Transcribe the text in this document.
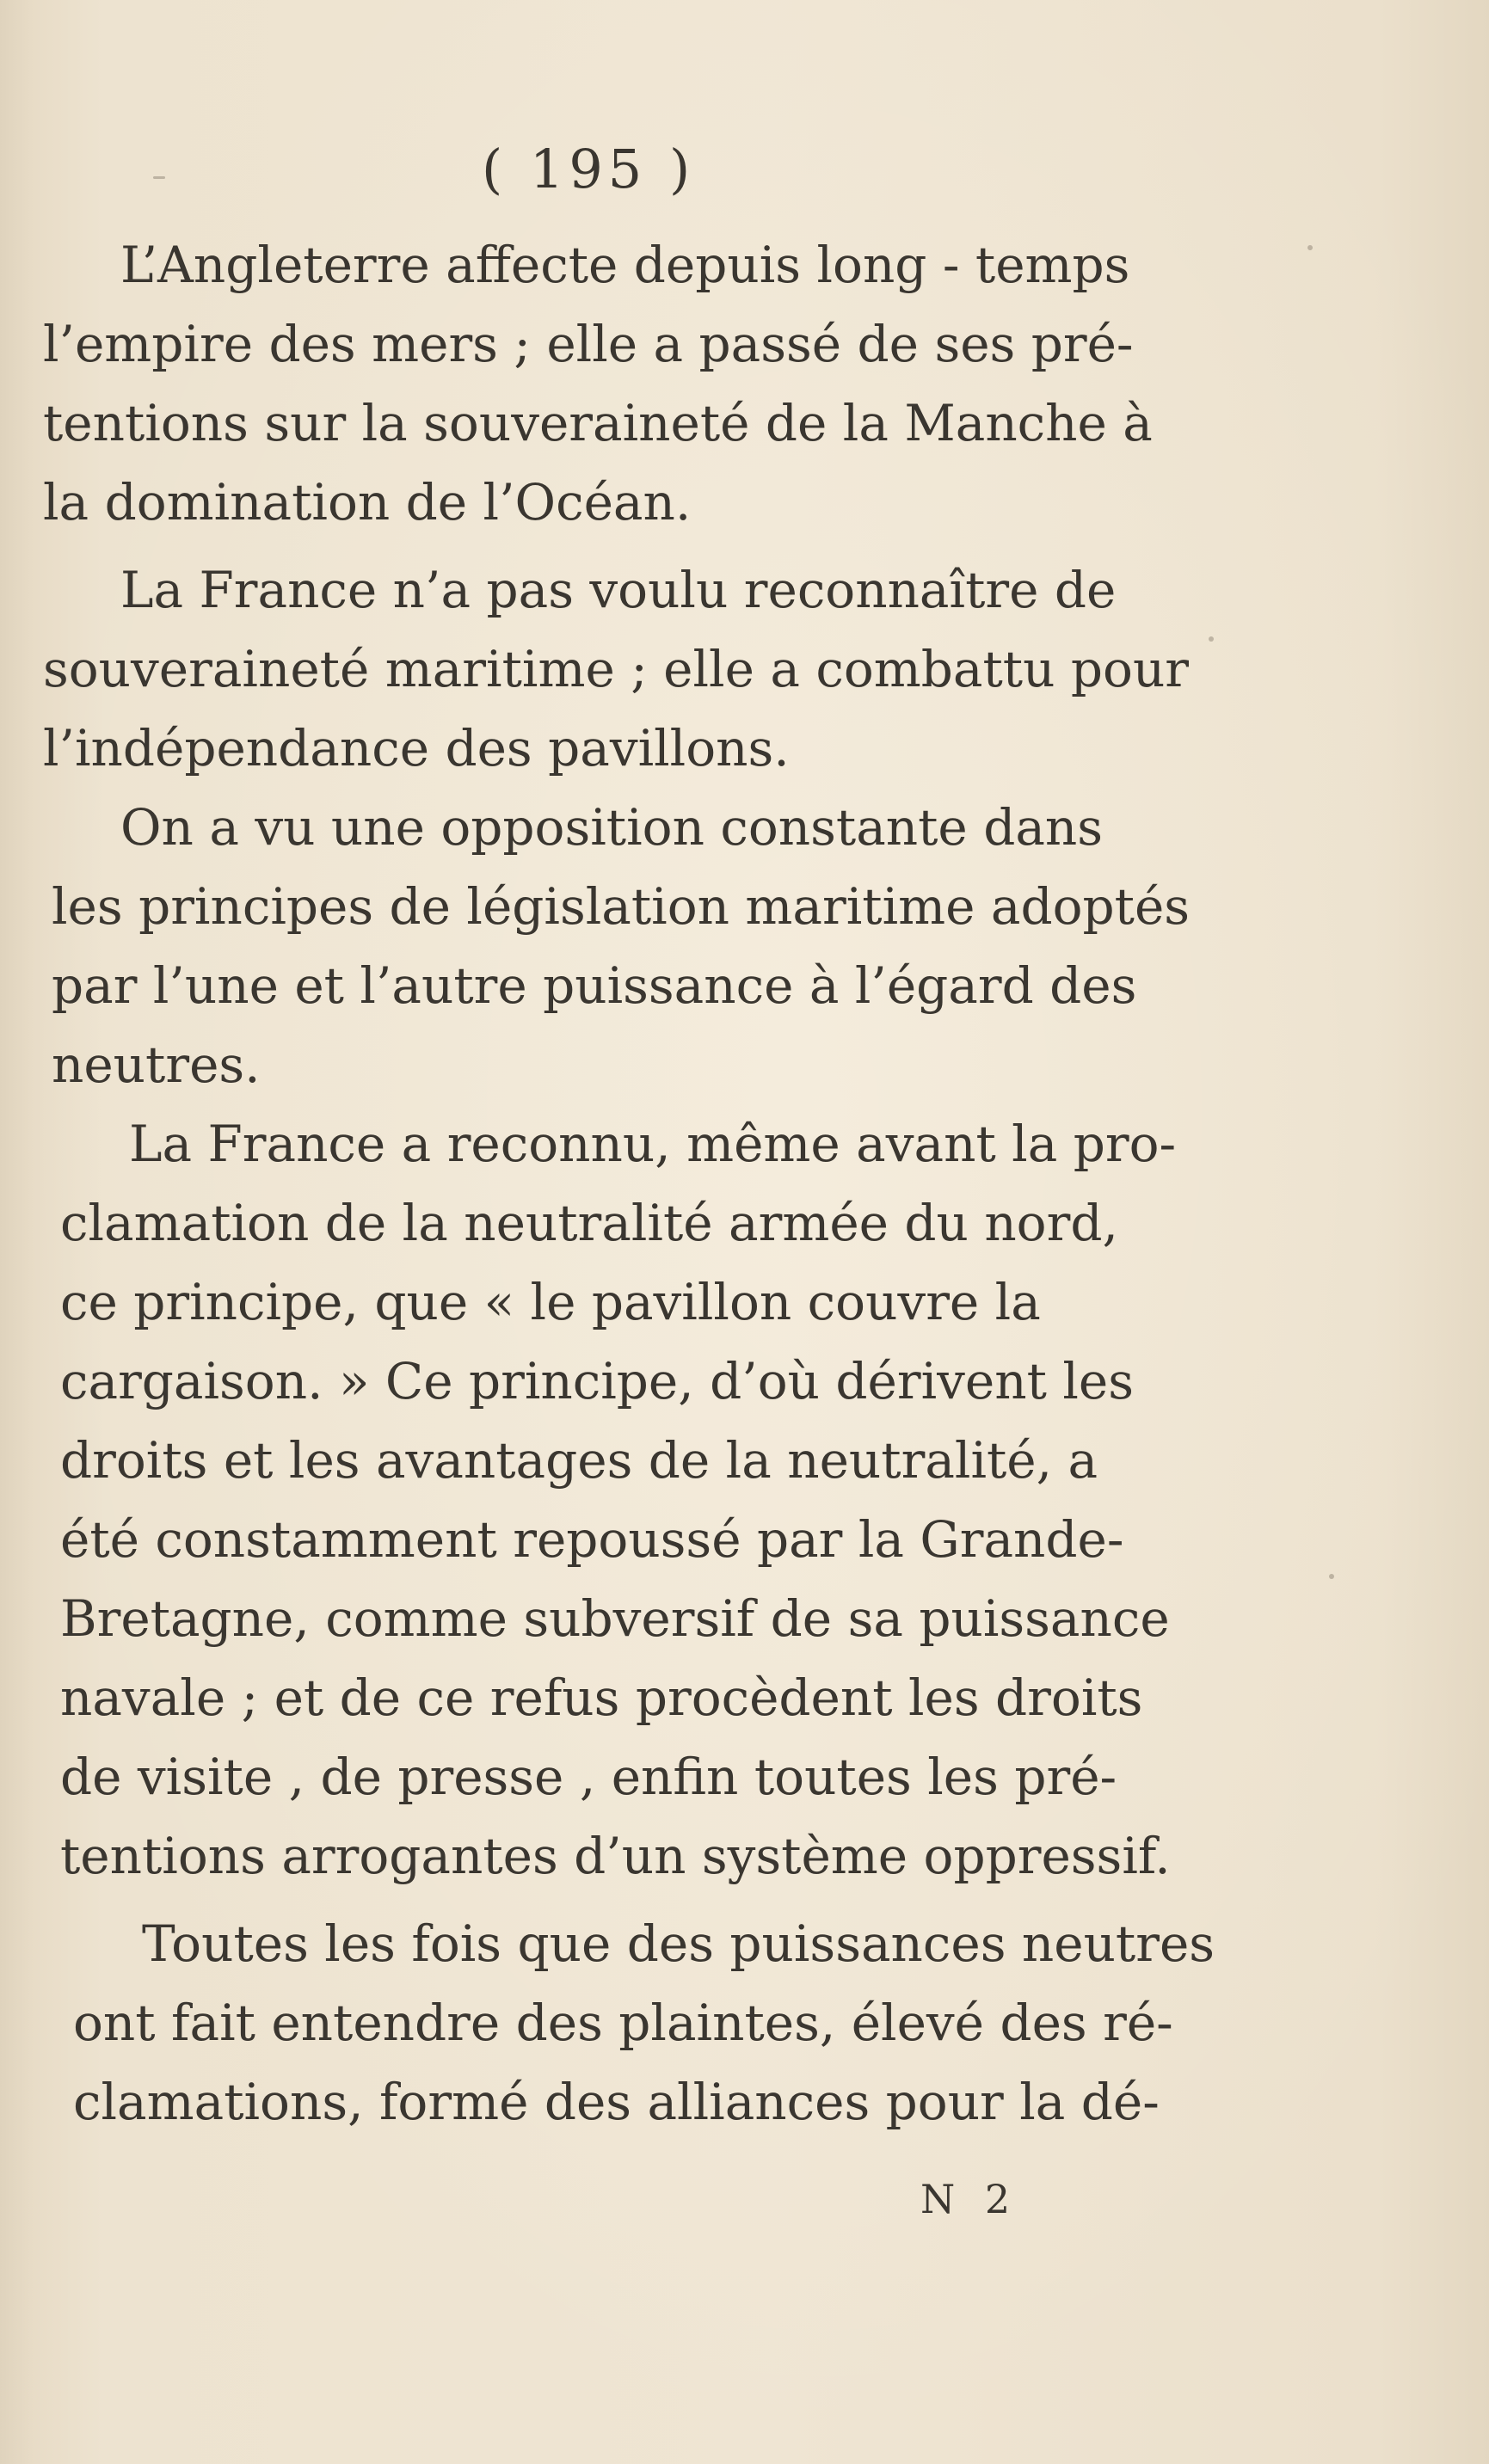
( 195 )
L’Angleterre affecte depuis long - temps
l’empire des mers ; elle a passé de ses pré-
tentions sur la souveraineté de la Manche à
la domination de l’Océan.
La France n’a pas voulu reconnaître de
souveraineté maritime ; elle a combattu pour
l’indépendance des pavillons.
On a vu une opposition constante dans
les principes de législation maritime adoptés
par l’une et l’autre puissance à l’égard des
neutres.
La France a reconnu, même avant la pro-
clamation de la neutralité armée du nord,
ce principe, que « le pavillon couvre la
cargaison. » Ce principe, d’où dérivent les
droits et les avantages de la neutralité, a
été constamment repoussé par la Grande-
Bretagne, comme subversif de sa puissance
navale ; et de ce refus procèdent les droits
de visite , de presse , enfin toutes les pré-
tentions arrogantes d’un système oppressif.
Toutes les fois que des puissances neutres
ont fait entendre des plaintes, élevé des ré-
clamations, formé des alliances pour la dé-
N 2
